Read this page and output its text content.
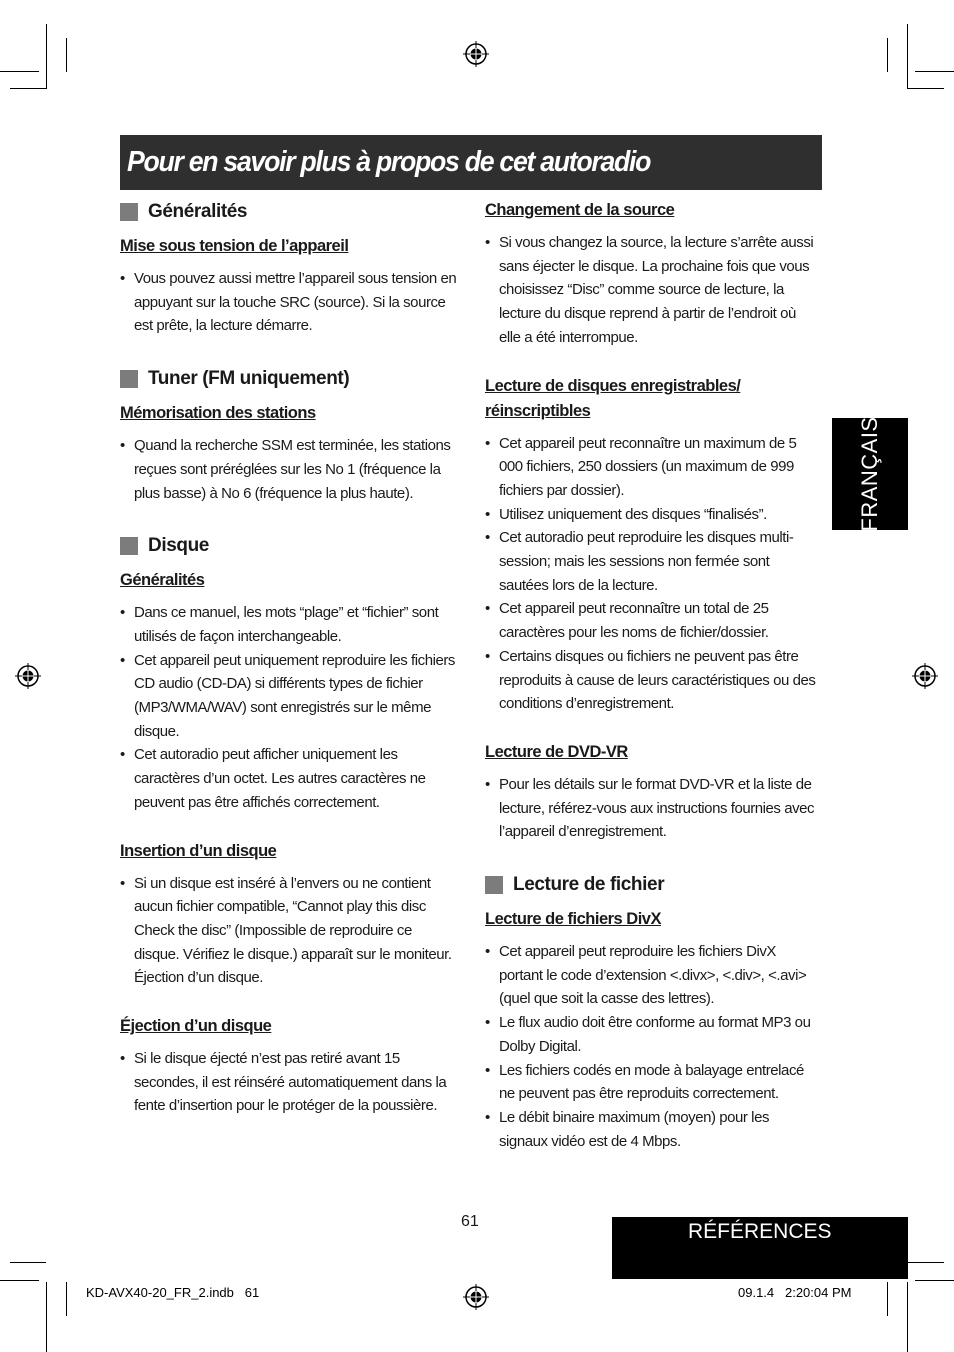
Pour en savoir plus à propos de cet autoradio
Généralités
Mise sous tension de l’appareil
• Vous pouvez aussi mettre l’appareil sous tension en appuyant sur la touche SRC (source). Si la source est prête, la lecture démarre.
Tuner (FM uniquement)
Mémorisation des stations
• Quand la recherche SSM est terminée, les stations reçues sont préréglées sur les No 1 (fréquence la plus basse) à No 6 (fréquence la plus haute).
Disque
Généralités
• Dans ce manuel, les mots “plage” et “fichier” sont utilisés de façon interchangeable.
• Cet appareil peut uniquement reproduire les fichiers CD audio (CD-DA) si différents types de fichier (MP3/WMA/WAV) sont enregistrés sur le même disque.
• Cet autoradio peut afficher uniquement les caractères d’un octet. Les autres caractères ne peuvent pas être affichés correctement.
Insertion d’un disque
• Si un disque est inséré à l’envers ou ne contient aucun fichier compatible, “Cannot play this disc Check the disc” (Impossible de reproduire ce disque. Vérifiez le disque.) apparaît sur le moniteur. Éjection d’un disque.
Éjection d’un disque
• Si le disque éjecté n’est pas retiré avant 15 secondes, il est réinséré automatiquement dans la fente d’insertion pour le protéger de la poussière.
Changement de la source
• Si vous changez la source, la lecture s’arrête aussi sans éjecter le disque. La prochaine fois que vous choisissez “Disc” comme source de lecture, la lecture du disque reprend à partir de l’endroit où elle a été interrompue.
Lecture de disques enregistrables/ réinscriptibles
• Cet appareil peut reconnaître un maximum de 5 000 fichiers, 250 dossiers (un maximum de 999 fichiers par dossier).
• Utilisez uniquement des disques “finalisés”.
• Cet autoradio peut reproduire les disques multi-session; mais les sessions non fermée sont sautées lors de la lecture.
• Cet appareil peut reconnaître un total de 25 caractères pour les noms de fichier/dossier.
• Certains disques ou fichiers ne peuvent pas être reproduits à cause de leurs caractéristiques ou des conditions d’enregistrement.
Lecture de DVD-VR
• Pour les détails sur le format DVD-VR et la liste de lecture, référez-vous aux instructions fournies avec l’appareil d’enregistrement.
Lecture de fichier
Lecture de fichiers DivX
• Cet appareil peut reproduire les fichiers DivX portant le code d’extension <.divx>, <.div>, <.avi> (quel que soit la casse des lettres).
• Le flux audio doit être conforme au format MP3 ou Dolby Digital.
• Les fichiers codés en mode à balayage entrelacé ne peuvent pas être reproduits correctement.
• Le débit binaire maximum (moyen) pour les signaux vidéo est de 4 Mbps.
FRANÇAIS
61	RÉFÉRENCES
KD-AVX40-20_FR_2.indb   61	09.1.4   2:20:04 PM
